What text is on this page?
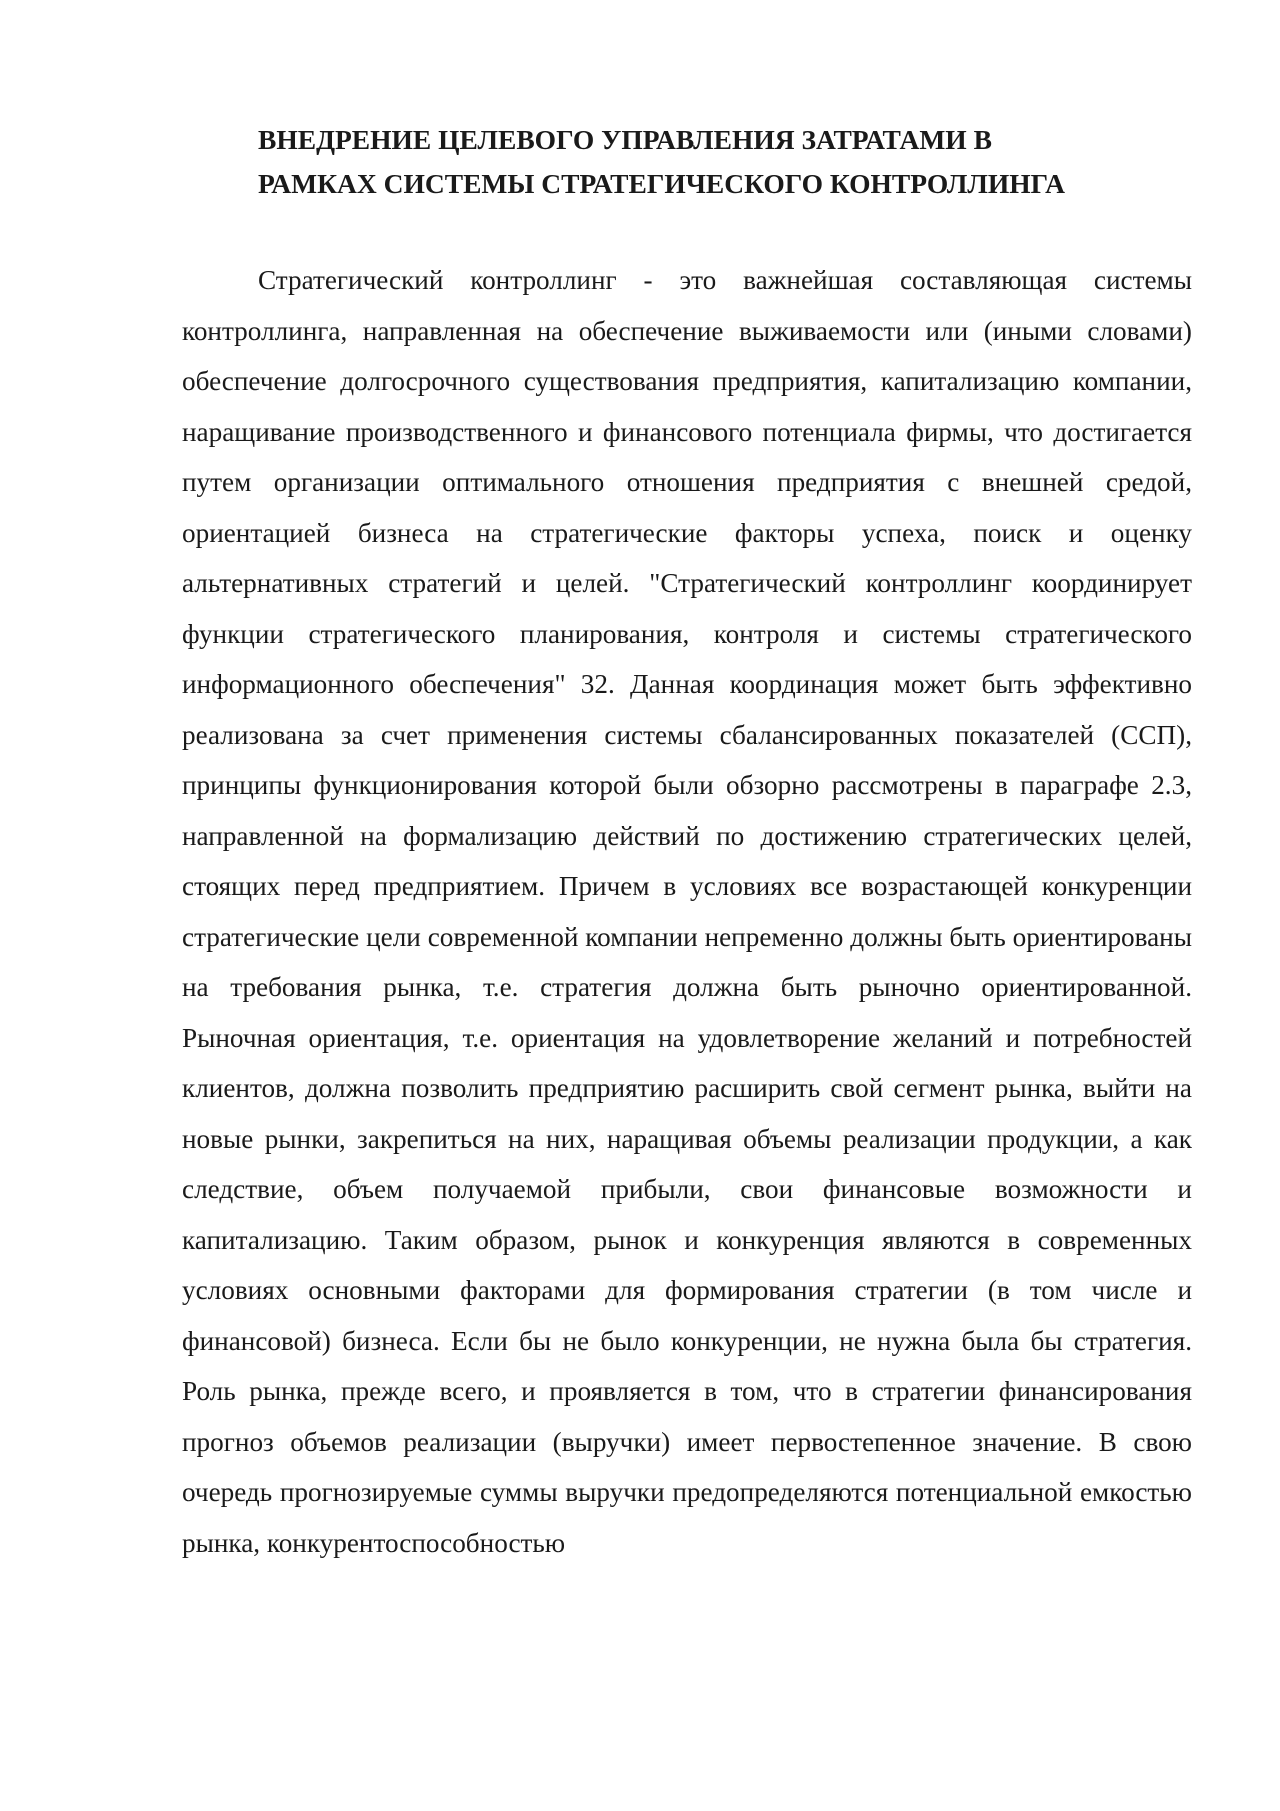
ВНЕДРЕНИЕ ЦЕЛЕВОГО УПРАВЛЕНИЯ ЗАТРАТАМИ В
РАМКАХ СИСТЕМЫ СТРАТЕГИЧЕСКОГО КОНТРОЛЛИНГА

Стратегический контроллинг - это важнейшая составляющая системы контроллинга, направленная на обеспечение выживаемости или (иными словами) обеспечение долгосрочного существования предприятия, капитализацию компании, наращивание производственного и финансового потенциала фирмы, что достигается путем организации оптимального отношения предприятия с внешней средой, ориентацией бизнеса на стратегические факторы успеха, поиск и оценку альтернативных стратегий и целей. "Стратегический контроллинг координирует функции стратегического планирования, контроля и системы стратегического информационного обеспечения" 32. Данная координация может быть эффективно реализована за счет применения системы сбалансированных показателей (ССП), принципы функционирования которой были обзорно рассмотрены в параграфе 2.3, направленной на формализацию действий по достижению стратегических целей, стоящих перед предприятием. Причем в условиях все возрастающей конкуренции стратегические цели современной компании непременно должны быть ориентированы на требования рынка, т.е. стратегия должна быть рыночно ориентированной. Рыночная ориентация, т.е. ориентация на удовлетворение желаний и потребностей клиентов, должна позволить предприятию расширить свой сегмент рынка, выйти на новые рынки, закрепиться на них, наращивая объемы реализации продукции, а как следствие, объем получаемой прибыли, свои финансовые возможности и капитализацию. Таким образом, рынок и конкуренция являются в современных условиях основными факторами для формирования стратегии (в том числе и финансовой) бизнеса. Если бы не было конкуренции, не нужна была бы стратегия. Роль рынка, прежде всего, и проявляется в том, что в стратегии финансирования прогноз объемов реализации (выручки) имеет первостепенное значение. В свою очередь прогнозируемые суммы выручки предопределяются потенциальной емкостью рынка, конкурентоспособностью
